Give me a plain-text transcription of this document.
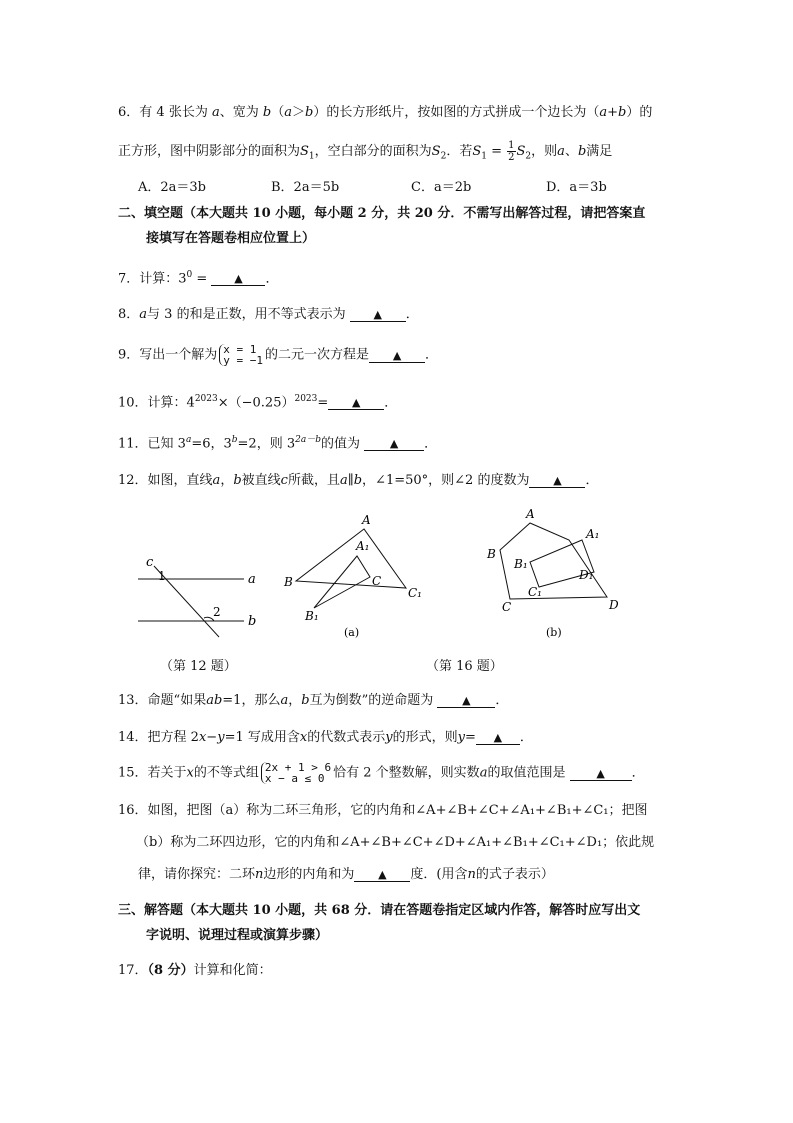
6．有 4 张长为 a、宽为 b（a＞b）的长方形纸片，按如图的方式拼成一个边长为（a+b）的
正方形，图中阴影部分的面积为$S_1$，空白部分的面积为$S_2$．若$S_1 = \frac{1}{2} S_2$，则a、b满足
A．2a＝3b	B．2a＝5b	C．a＝2b	D．a＝3b
二、填空题（本大题共 10 小题，每小题 2 分，共 20 分．不需写出解答过程，请把答案直
接填写在答题卷相应位置上）
7．计算：$3^0$ = ▲ ．
8．a与 3 的和是正数，用不等式表示为	▲ ．
9．写出一个解为 x = 1
y = −1 的二元一次方程是 ▲ ．
10．计算：$4^{2023}\times(-0.25)^{2023}=$ ▲ ．
11．已知 $3^a=6$，$3^b=2$，则 $3^{2a-b}$的值为	▲ ．
12．如图，直线a，b被直线c所截，且a∥b，∠1=50°，则∠2 的度数为 ▲ ．
c
1
2
a
b
A
A₁
B	C
B₁
C₁
(a)
A
A₁
B
B₁
D₁
C₁
C	D
(b)
（第 12 题）	（第 16 题）
13．命题“如果ab=1，那么a，b互为倒数”的逆命题为	▲ ．
14．把方程 2x−y=1 写成用含x的代数式表示y的形式，则y= ▲ ．
15．若关于x的不等式组 2x + 1 > 6
x − a ≤ 0 恰有 2 个整数解，则实数a的取值范围是	▲ ．
16．如图，把图（a）称为二环三角形，它的内角和∠A+∠B+∠C+∠A₁+∠B₁+∠C₁；把图
（b）称为二环四边形，它的内角和∠A+∠B+∠C+∠D+∠A₁+∠B₁+∠C₁+∠D₁；依此规
律，请你探究：二环n边形的内角和为 ▲ 度．(用含n的式子表示）
三、解答题（本大题共 10 小题，共 68 分．请在答题卷指定区域内作答，解答时应写出文
字说明、说理过程或演算步骤）
17．（8 分）计算和化简：
